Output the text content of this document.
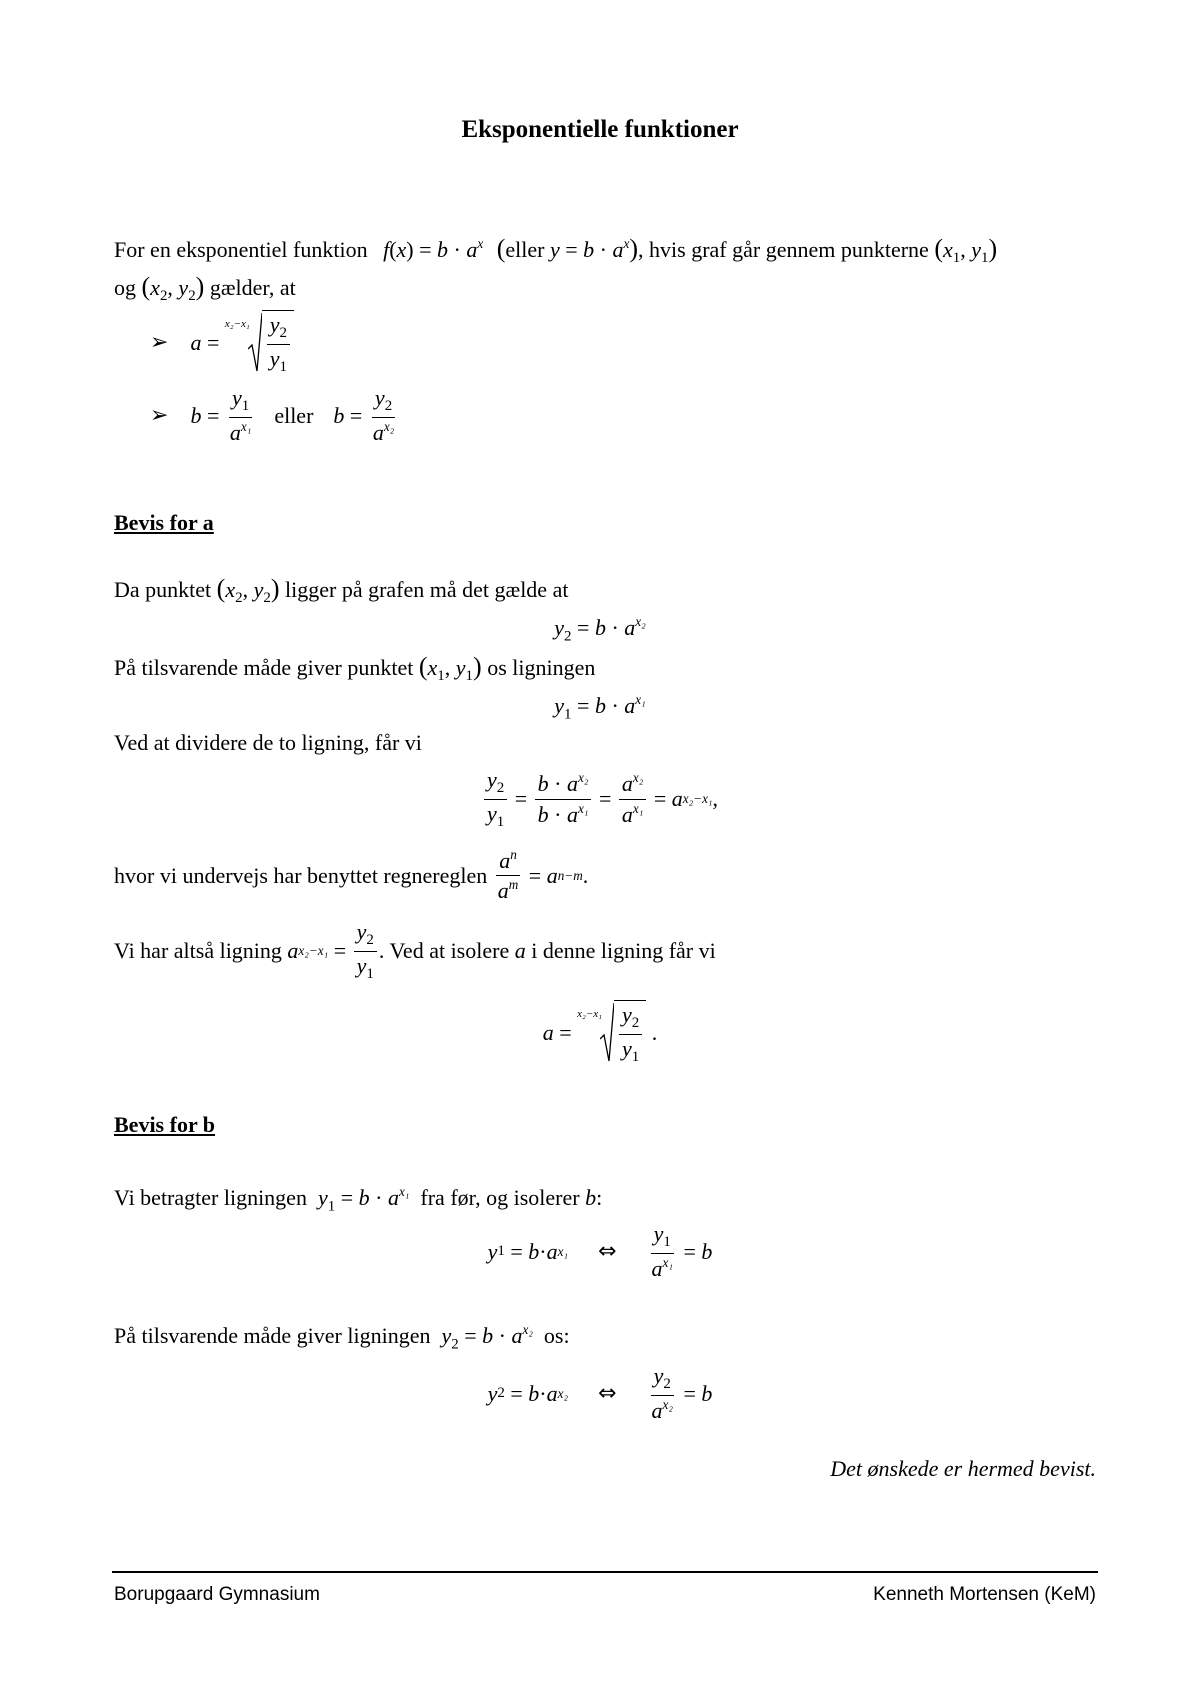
Eksponentielle funktioner
For en eksponentiel funktion $f(x) = b \cdot a^x$ (eller $y = b \cdot a^x$), hvis graf går gennem punkterne ($x_1$, $y_1$)
og ($x_2$, $y_2$) gælder, at
➢ a =
$x_2-x_1 \frac{y_2}{y_1}$
➢ $b = \frac{y_1}{a^{x_1}}$ eller $b = \frac{y_2}{a^{x_2}}$
Bevis for a
Da punktet ($x_2$, $y_2$) ligger på grafen må det gælde at
$y_2 = b \cdot a^{x_2}$
På tilsvarende måde giver punktet ($x_1$, $y_1$) os ligningen
$y_1 = b \cdot a^{x_1}$
Ved at dividere de to ligning, får vi
$\frac{y_2}{y_1} = \frac{b \cdot a^{x_2}}{b \cdot a^{x_1}} = \frac{a^{x_2}}{a^{x_1}} = a$ x₂−x₁ ,
hvor vi undervejs har benyttet regnereglen
$\frac{a^n}{a^m} = a$ n−m .
Vi har altså ligning
a $x_2-x_1 = \frac{y_2}{y_1}$ . Ved at isolere
a
i denne ligning får vi
a =
$x_2-x_1 \frac{y_2}{y_1}$ .
Bevis for b
Vi betragter ligningen $y_1 = b \cdot a^{x_1}$ fra før, og isolerer b:
y 1 = b · a x₁ ⇔ $\frac{y_1}{a^{x_1}} = b$
På tilsvarende måde giver ligningen $y_2 = b \cdot a^{x_2}$ os:
y 2 = b · a x₂ ⇔ $\frac{y_2}{a^{x_2}} = b$
Det ønskede er hermed bevist.
Borupgaard Gymnasium	Kenneth Mortensen (KeM)
